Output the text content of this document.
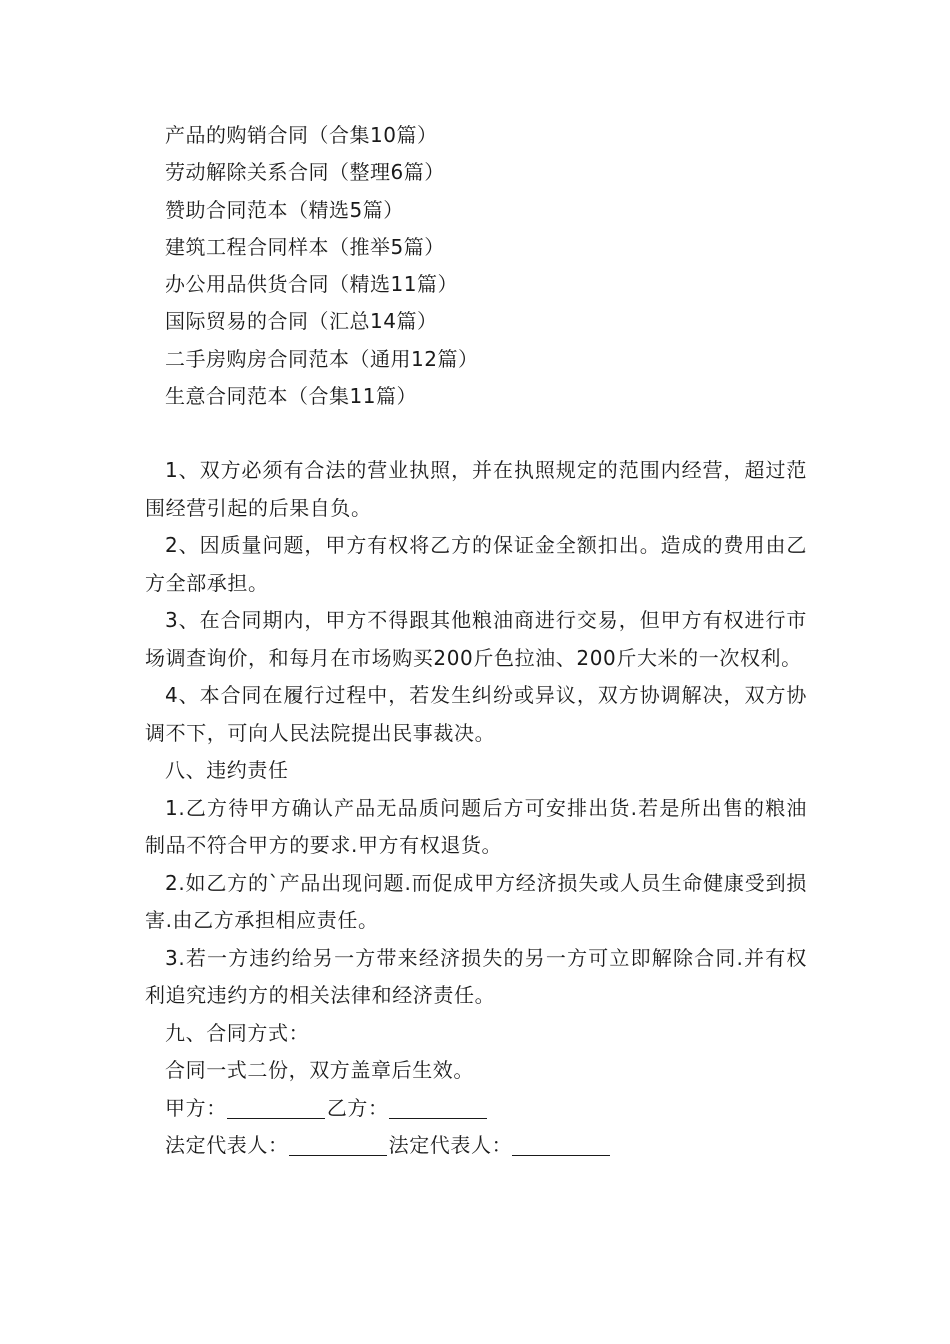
产品的购销合同（合集10篇）
劳动解除关系合同（整理6篇）
赞助合同范本（精选5篇）
建筑工程合同样本（推举5篇）
办公用品供货合同（精选11篇）
国际贸易的合同（汇总14篇）
二手房购房合同范本（通用12篇）
生意合同范本（合集11篇）

1、双方必须有合法的营业执照，并在执照规定的范围内经营，超过范围经营引起的后果自负。

2、因质量问题，甲方有权将乙方的保证金全额扣出。造成的费用由乙方全部承担。

3、在合同期内，甲方不得跟其他粮油商进行交易，但甲方有权进行市场调查询价，和每月在市场购买200斤色拉油、200斤大米的一次权利。

4、本合同在履行过程中，若发生纠纷或异议，双方协调解决，双方协调不下，可向人民法院提出民事裁决。

八、违约责任

1.乙方待甲方确认产品无品质问题后方可安排出货.若是所出售的粮油制品不符合甲方的要求.甲方有权退货。

2.如乙方的`产品出现问题.而促成甲方经济损失或人员生命健康受到损害.由乙方承担相应责任。

3.若一方违约给另一方带来经济损失的另一方可立即解除合同.并有权利追究违约方的相关法律和经济责任。

九、合同方式：

合同一式二份，双方盖章后生效。

甲方：	乙方：

法定代表人：	法定代表人：
